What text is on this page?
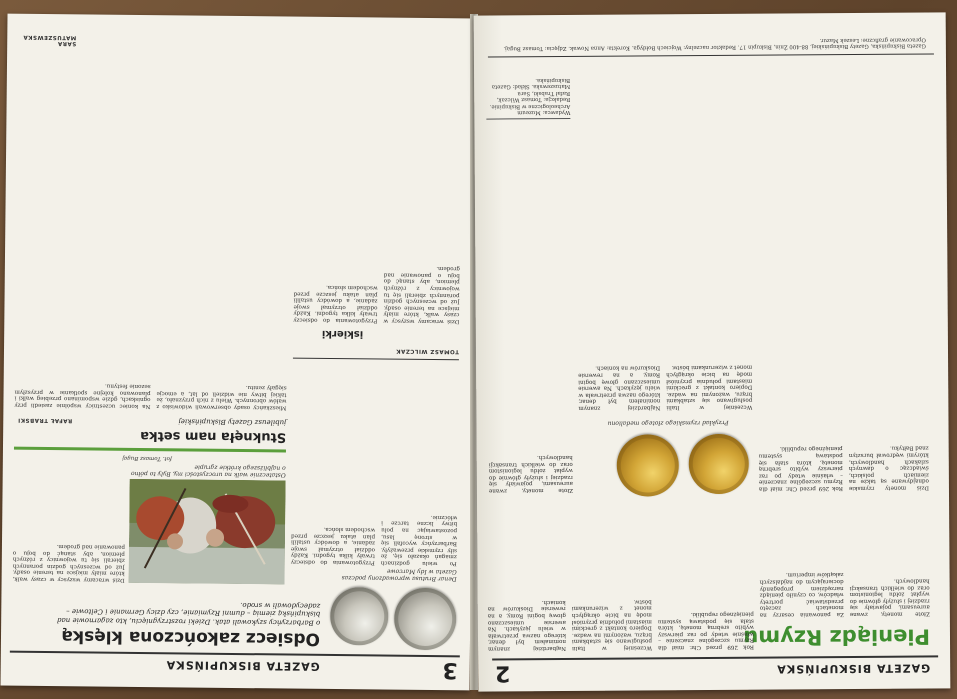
GAZETA BISKUPIŃSKA	3
Odsiecz zakończona klęską
o Barbarzyńcy szykowali atak. Dzieki rozstrzygnięciu, kto zagarnowie nad biskupińską ziemią – dumni Rzymianie, czy dzicy Germanie i Celtowie – zadecydowali w srodo.
Denar Brutusa wprowadzony podczas Gazeta w Idy Marcowe
Ostatecznie walk na uroczystości my, Byly to półno o najbliższego krótkie zgrupie
fot. Tomasz Bugaj
Dziś wracamy wszyscy w czasy walk, które miały miejsce na terenie osady. Już od wczesnych godzin porannych zbierali się tu wojownicy z różnych plemion, aby stanąć do boju o panowanie nad grodem.
Po wielu godzinach zmagań okazało się, że siły rzymskie przeważyły. Barbarzyńcy wycofali się w stronę lasu, pozostawiając na polu bitwy liczne tarcze i włócznie.
Przygotowania do odsieczy trwały kilka tygodni. Każdy oddział otrzymał swoje zadanie, a dowódcy ustalili plan ataku jeszcze przed wschodem słońca.
Stuknęła nam setka
jubileusz Gazety Biskupińskiej
RAFAŁ TRABSKI
Mieszkańcy osady obserwowali widowisko z wałów obronnych. Wielu z nich przyznało, że takiej bitwy nie widzieli od lat, a emocje sięgały zenitu.
Na koniec uczestnicy wspólnie zasiedli przy ogniskach, gdzie wspominano przebieg walki i planowano kolejne spotkanie w przyszłym sezonie festynu.
TOMASZ WILCZAK
iskierki
Dziś wracamy wszyscy w czasy walk, które miały miejsce na terenie osady. Już od wczesnych godzin porannych zbierali się tu wojownicy z różnych plemion, aby stanąć do boju o panowanie nad grodem.
Przygotowania do odsieczy trwały kilka tygodni. Każdy oddział otrzymał swoje zadanie, a dowódcy ustalili plan ataku jeszcze przed wschodem słońca.
SARA MATUSZEWSKA
GAZETA BISKUPIŃSKA
2
Pieniądz Rzymu
Rok 269 przed Chr. miał dla Rzymu szczególne znaczenie – właśnie wtedy po raz pierwszy wybito srebrną monetę, która stała się podstawą systemu pieniężnego republiki.
Wcześniej w Italii posługiwano się sztabkami brązu, ważonymi na wadze. Dopiero kontakt z greckimi miastami południa przyniósł modę na bicie okrągłych monet z wizerunkami bóstw.
Najbardziej znanym nominałem był denar, którego nazwa przetrwała w wielu językach. Na awersie umieszczano głowę bogini Romy, a na rewersie Dioskurów na koniach.
Złote monety, zwane aureusami, pojawiały się rzadziej i służyły głównie do wypłat żołdu legionistom oraz do wielkich transakcji handlowych.
Za panowania cesarzy na monetach zaczęto przedstawiać portrety władców, co czyniło pieniądz narzędziem propagandy docierającym do najdalszych zakątków imperium.
Przykład rzymskiego złotego medalionu
Dziś monety rzymskie odnajdywane są także na ziemiach polskich, świadcząc o dawnych szlakach handlowych, którymi wędrował bursztyn znad Bałtyku.
Rok 269 przed Chr. miał dla Rzymu szczególne znaczenie – właśnie wtedy po raz pierwszy wybito srebrną monetę, która stała się podstawą systemu pieniężnego republiki.
Wcześniej w Italii posługiwano się sztabkami brązu, ważonymi na wadze. Dopiero kontakt z greckimi miastami południa przyniósł modę na bicie okrągłych monet z wizerunkami bóstw.
Najbardziej znanym nominałem był denar, którego nazwa przetrwała w wielu językach. Na awersie umieszczano głowę bogini Romy, a na rewersie Dioskurów na koniach.
Złote monety, zwane aureusami, pojawiały się rzadziej i służyły głównie do wypłat żołdu legionistom oraz do wielkich transakcji handlowych.
Wydawca: Muzeum Archeologiczne w Biskupinie. Redakcja: Tomasz Wilczak, Rafał Trabski, Sara Matuszewska. Skład: Gazeta Biskupińska.
Gazeta Biskupińska, Gazety Biskupińskiej, 88-400 Żnin, Biskupin 17. Redaktor naczelny: Wojciech Bołdyga. Korekta: Anna Nowak. Zdjęcia: Tomasz Bugaj. Opracowanie graficzne: Leszek Mazur.
